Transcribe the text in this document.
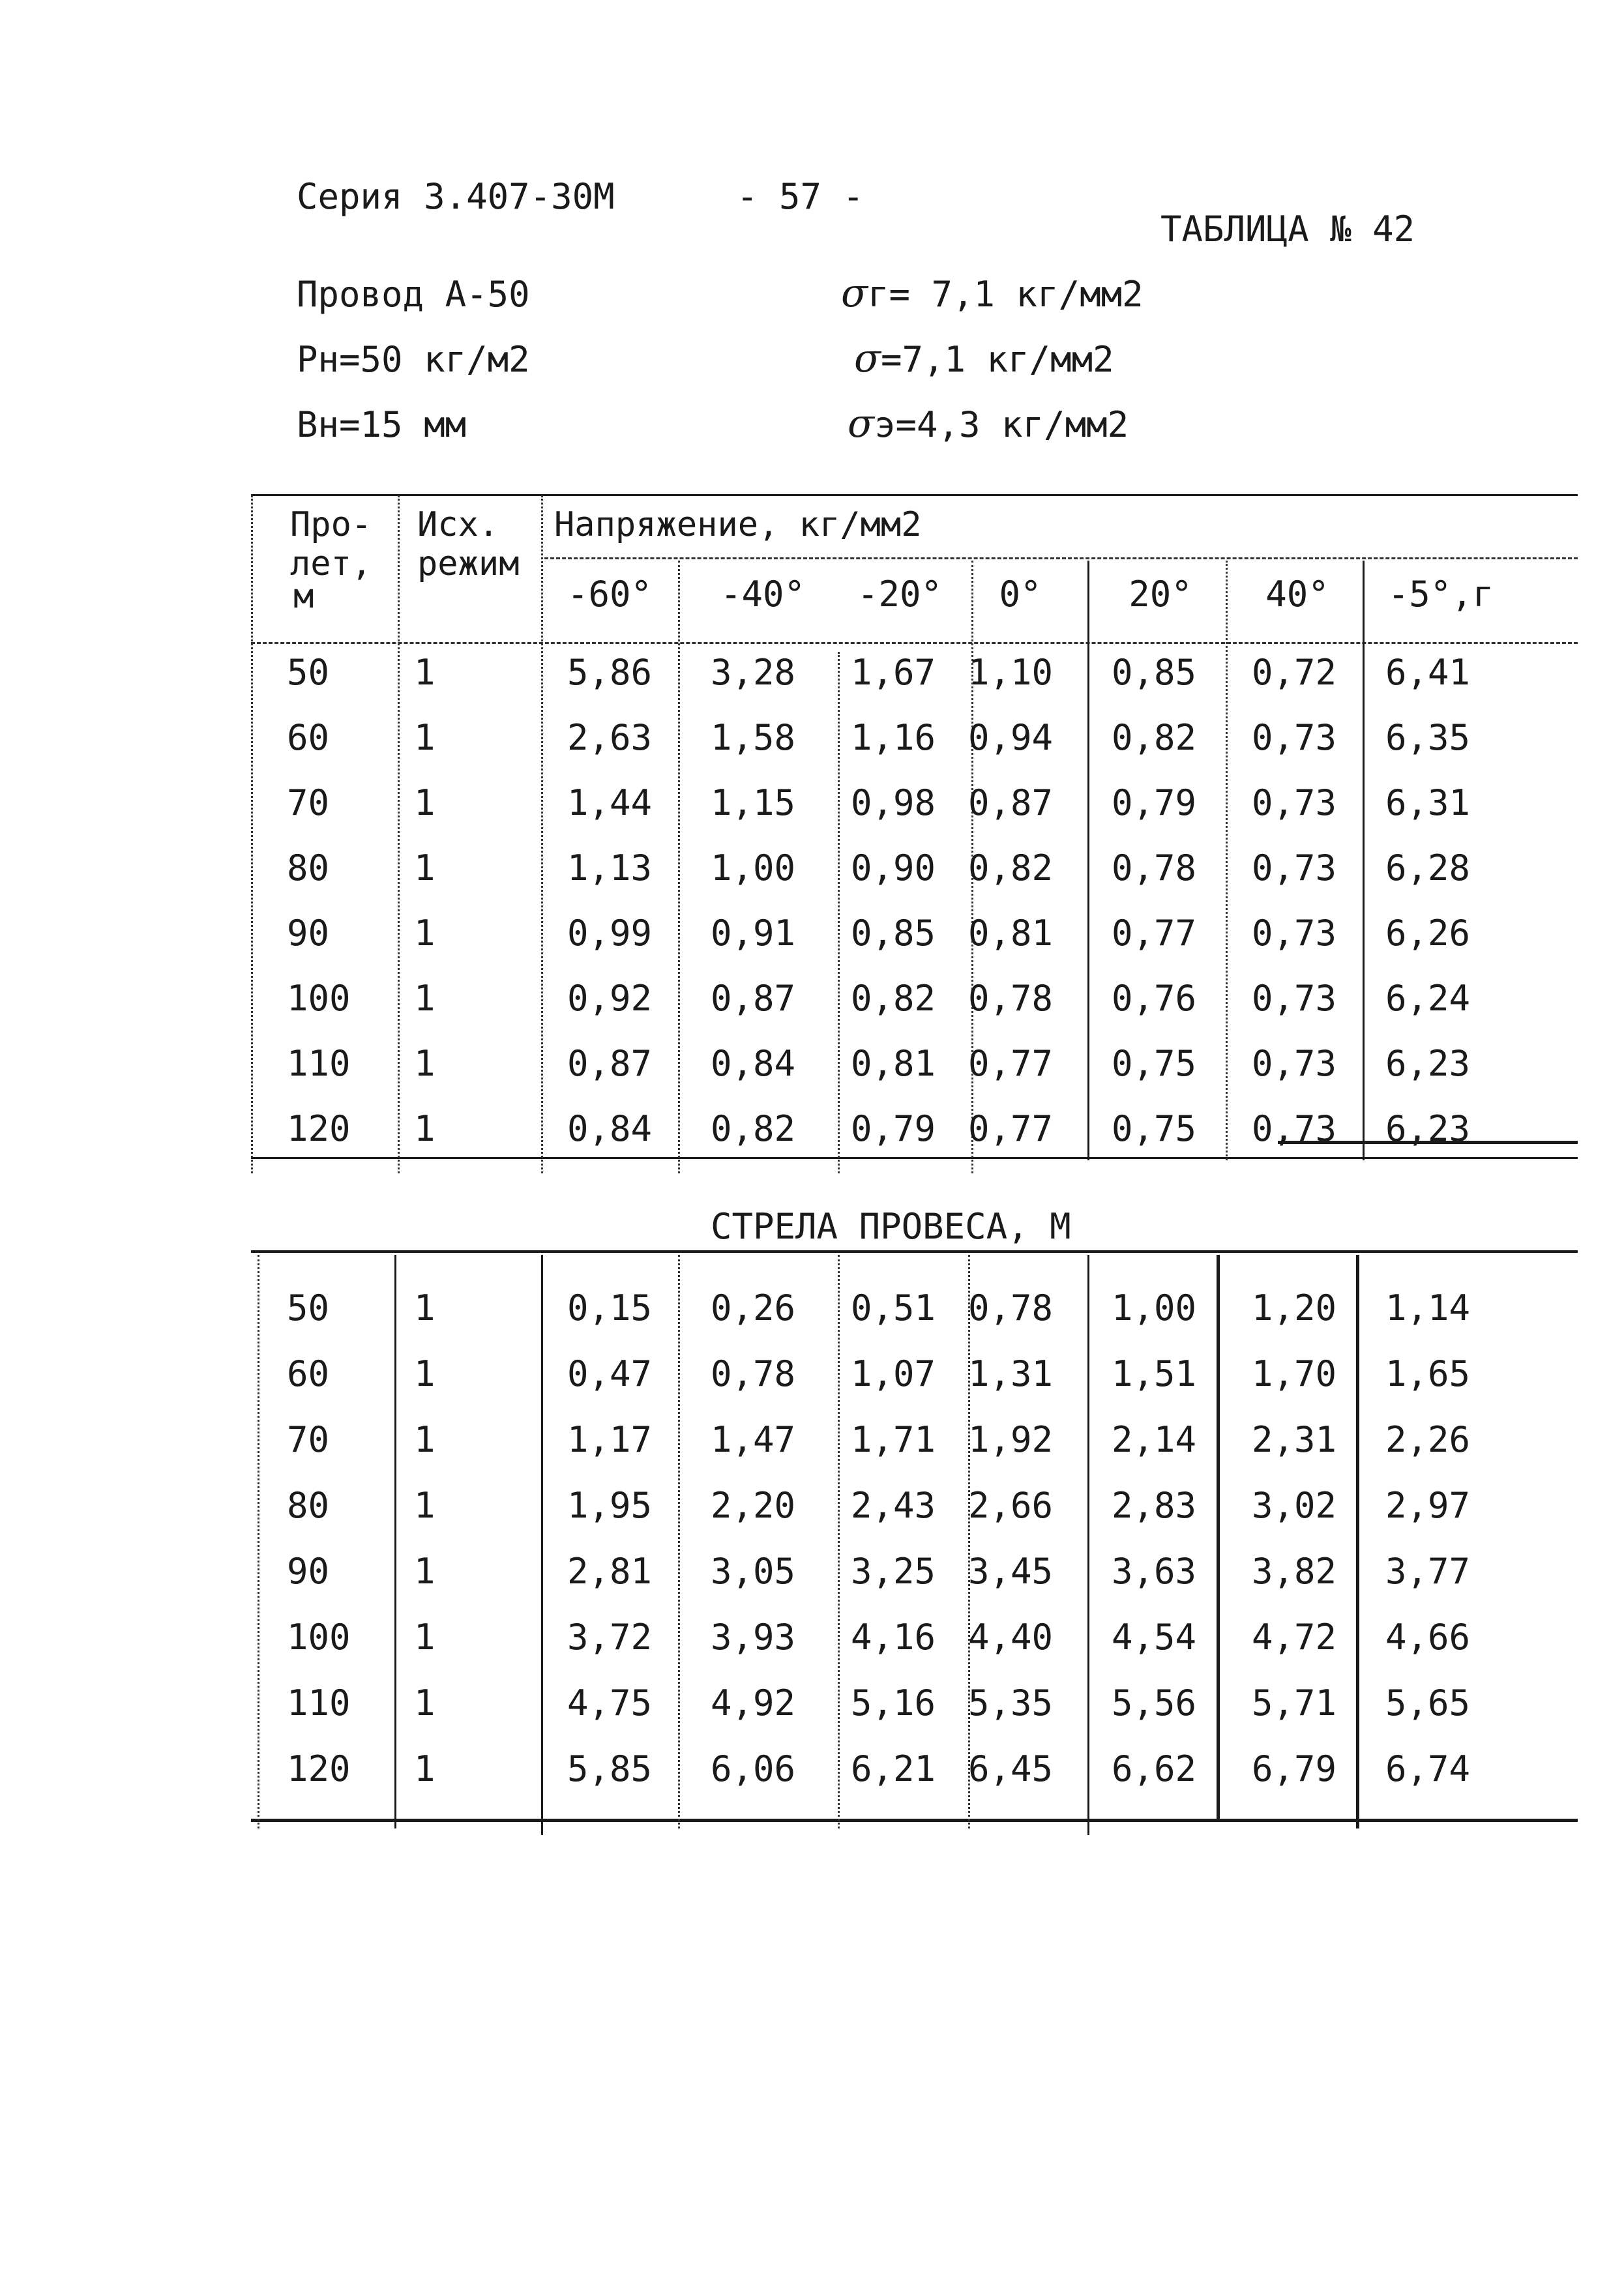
Серия 3.407-30М	- 57 -
ТАБЛИЦА № 42
Провод А-50
Рн=50 кг/м2
Вн=15 мм
σг= 7,1 кг/мм2
σ=7,1 кг/мм2
σэ=4,3 кг/мм2
Про-
лет,
м
Исх.
режим
Напряжение, кг/мм2
-60°	-40°	-20°	0°	20°	40°	-5°,г
50 1	5,86	3,28	1,67 1,10	0,85	0,72	6,41
60 1	2,63	1,58	1,16 0,94	0,82	0,73	6,35
70 1	1,44	1,15	0,98 0,87	0,79	0,73	6,31
80 1	1,13	1,00	0,90 0,82	0,78	0,73	6,28
90 1	0,99	0,91	0,85 0,81	0,77	0,73	6,26
100 1	0,92	0,87	0,82 0,78	0,76	0,73	6,24
110 1	0,87	0,84	0,81 0,77	0,75	0,73	6,23
120 1	0,84	0,82	0,79 0,77	0,75	0,73	6,23
СТРЕЛА ПРОВЕСА, М
50 1	0,15	0,26	0,51 0,78	1,00	1,20	1,14
60 1	0,47	0,78	1,07 1,31	1,51	1,70	1,65
70 1	1,17	1,47	1,71 1,92	2,14	2,31	2,26
80 1	1,95	2,20	2,43 2,66	2,83	3,02	2,97
90 1	2,81	3,05	3,25 3,45	3,63	3,82	3,77
100 1	3,72	3,93	4,16 4,40	4,54	4,72	4,66
110 1	4,75	4,92	5,16 5,35	5,56	5,71	5,65
120 1	5,85	6,06	6,21 6,45	6,62	6,79	6,74
